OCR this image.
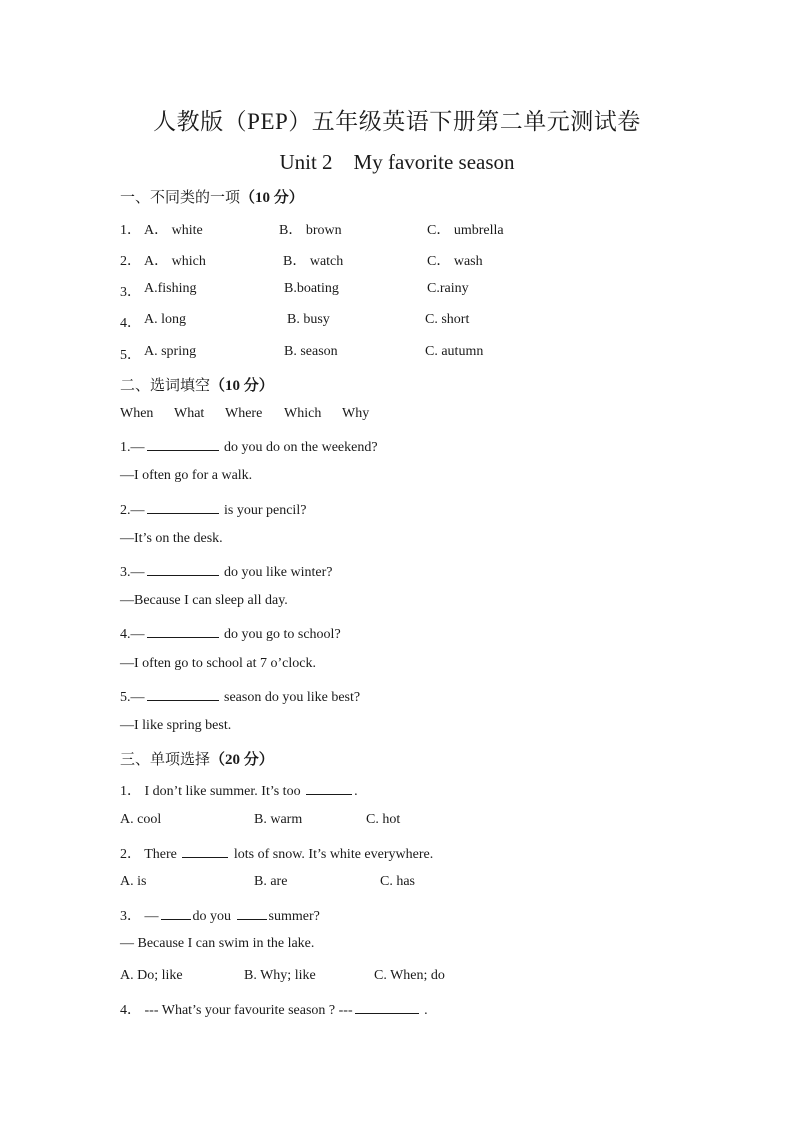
人教版（PEP）五年级英语下册第二单元测试卷
Unit 2　My favorite season
一、不同类的一项（10 分）
1． A． white	B． brown	C． umbrella
2． A． which	B． watch	C． wash
3． A.fishing	B.boating	C.rainy
4． A. long	B. busy	C. short
5． A. spring	B. season	C. autumn
二、选词填空（10 分）
When What Where Which Why
1.—	do you do on the weekend?
—I often go for a walk.
2.—	is your pencil?
—It’s on the desk.
3.—	do you like winter?
—Because I can sleep all day.
4.—	do you go to school?
—I often go to school at 7 o’clock.
5.—	season do you like best?
—I like spring best.
三、单项选择（20 分）
1． I don’t like summer. It’s too	.
A. cool	B. warm	C. hot
2． There	lots of snow. It’s white everywhere.
A. is	B. are	C. has
3． — do you	summer?
— Because I can swim in the lake.
A. Do; like	B. Why; like	C. When; do
4． --- What’s your favourite season ? ---	.
